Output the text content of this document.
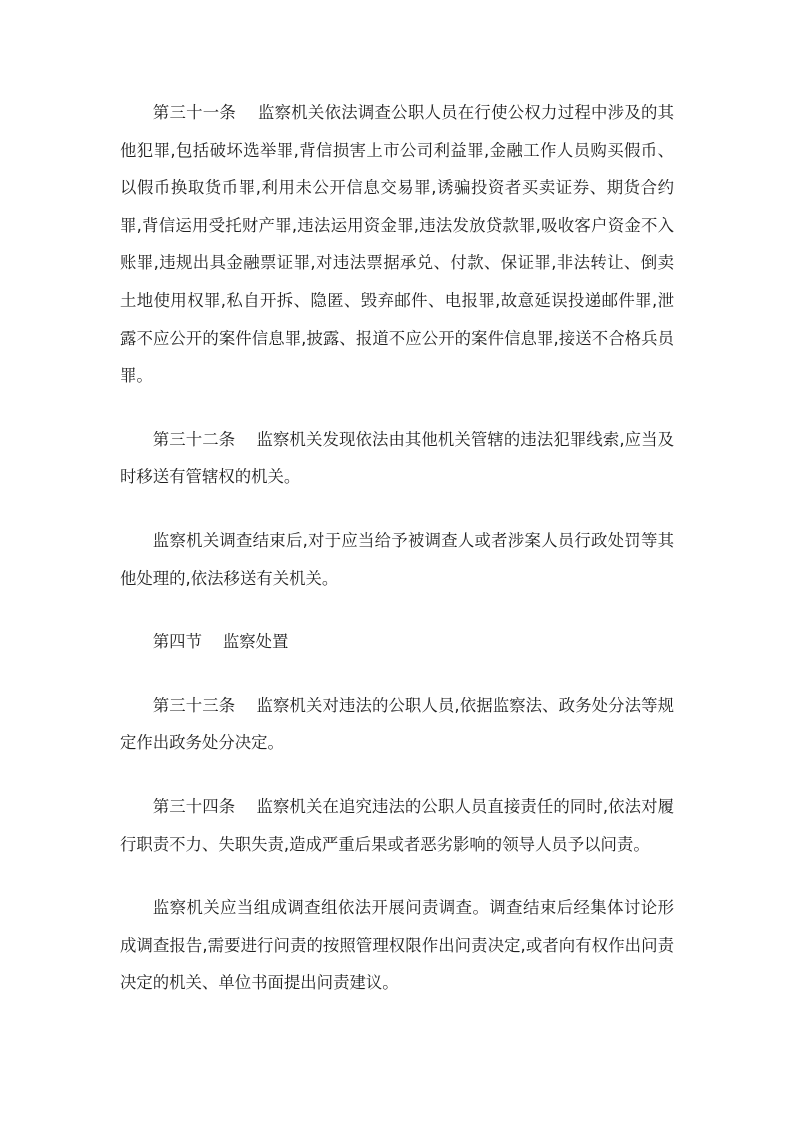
第三十一条 监察机关依法调查公职人员在行使公权力过程中涉及的其他犯罪,包括破坏选举罪,背信损害上市公司利益罪,金融工作人员购买假币、以假币换取货币罪,利用未公开信息交易罪,诱骗投资者买卖证券、期货合约罪,背信运用受托财产罪,违法运用资金罪,违法发放贷款罪,吸收客户资金不入账罪,违规出具金融票证罪,对违法票据承兑、付款、保证罪,非法转让、倒卖土地使用权罪,私自开拆、隐匿、毁弃邮件、电报罪,故意延误投递邮件罪,泄露不应公开的案件信息罪,披露、报道不应公开的案件信息罪,接送不合格兵员罪。

第三十二条 监察机关发现依法由其他机关管辖的违法犯罪线索,应当及时移送有管辖权的机关。

监察机关调查结束后,对于应当给予被调查人或者涉案人员行政处罚等其他处理的,依法移送有关机关。

第四节 监察处置

第三十三条 监察机关对违法的公职人员,依据监察法、政务处分法等规定作出政务处分决定。

第三十四条 监察机关在追究违法的公职人员直接责任的同时,依法对履行职责不力、失职失责,造成严重后果或者恶劣影响的领导人员予以问责。

监察机关应当组成调查组依法开展问责调查。调查结束后经集体讨论形成调查报告,需要进行问责的按照管理权限作出问责决定,或者向有权作出问责决定的机关、单位书面提出问责建议。
